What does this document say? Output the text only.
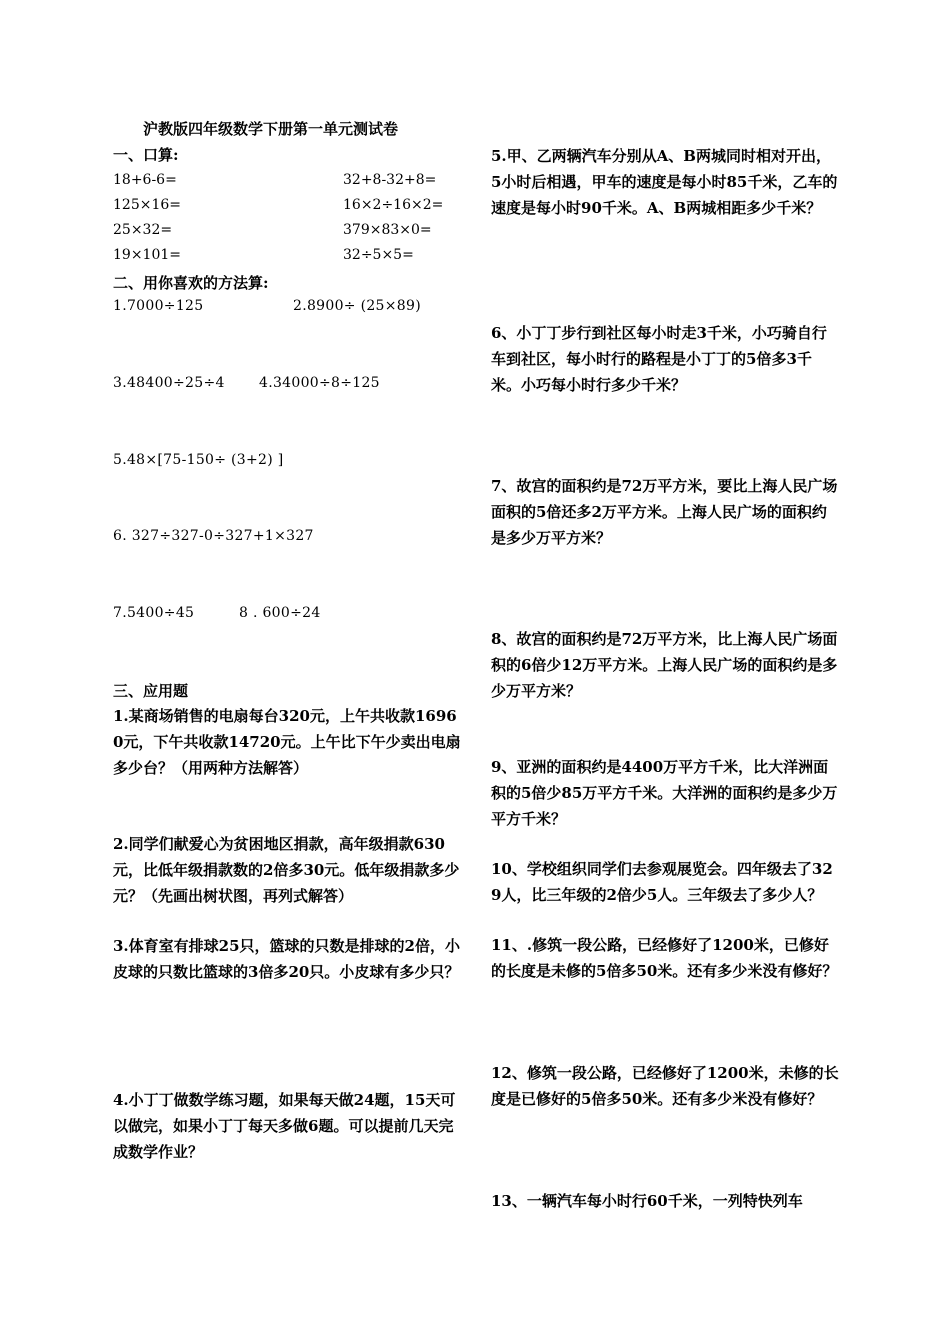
沪教版四年级数学下册第一单元测试卷
一、口算:
18+6-6=	32+8-32+8=
125×16=	16×2÷16×2=
25×32=	379×83×0=
19×101=	32÷5×5=
二、用你喜欢的方法算:
1.7000÷125	2.8900÷ (25×89)
3.48400÷25÷4 4.34000÷8÷125
5.48×[75-150÷ (3+2) ]
6. 327÷327-0÷327+1×327
7.5400÷45	8 . 600÷24
三、应用题
1.某商场销售的电扇每台320元，上午共收款16960元，下午共收款14720元。上午比下午少卖出电扇多少台？（用两种方法解答）
2.同学们献爱心为贫困地区捐款，高年级捐款630元，比低年级捐款数的2倍多30元。低年级捐款多少元？（先画出树状图，再列式解答）
3.体育室有排球25只，篮球的只数是排球的2倍，小皮球的只数比篮球的3倍多20只。小皮球有多少只？
4.小丁丁做数学练习题，如果每天做24题，15天可以做完，如果小丁丁每天多做6题。可以提前几天完成数学作业？
5.甲、乙两辆汽车分别从A、B两城同时相对开出，5小时后相遇，甲车的速度是每小时85千米，乙车的速度是每小时90千米。A、B两城相距多少千米？
6、小丁丁步行到社区每小时走3千米，小巧骑自行车到社区，每小时行的路程是小丁丁的5倍多3千米。小巧每小时行多少千米？
7、故宫的面积约是72万平方米，要比上海人民广场面积的5倍还多2万平方米。上海人民广场的面积约是多少万平方米？
8、故宫的面积约是72万平方米，比上海人民广场面积的6倍少12万平方米。上海人民广场的面积约是多少万平方米？
9、亚洲的面积约是4400万平方千米，比大洋洲面积的5倍少85万平方千米。大洋洲的面积约是多少万平方千米？
10、学校组织同学们去参观展览会。四年级去了329人，比三年级的2倍少5人。三年级去了多少人？
11、.修筑一段公路，已经修好了1200米，已修好的长度是未修的5倍多50米。还有多少米没有修好？
12、修筑一段公路，已经修好了1200米，未修的长度是已修好的5倍多50米。还有多少米没有修好？
13、一辆汽车每小时行60千米，一列特快列车
